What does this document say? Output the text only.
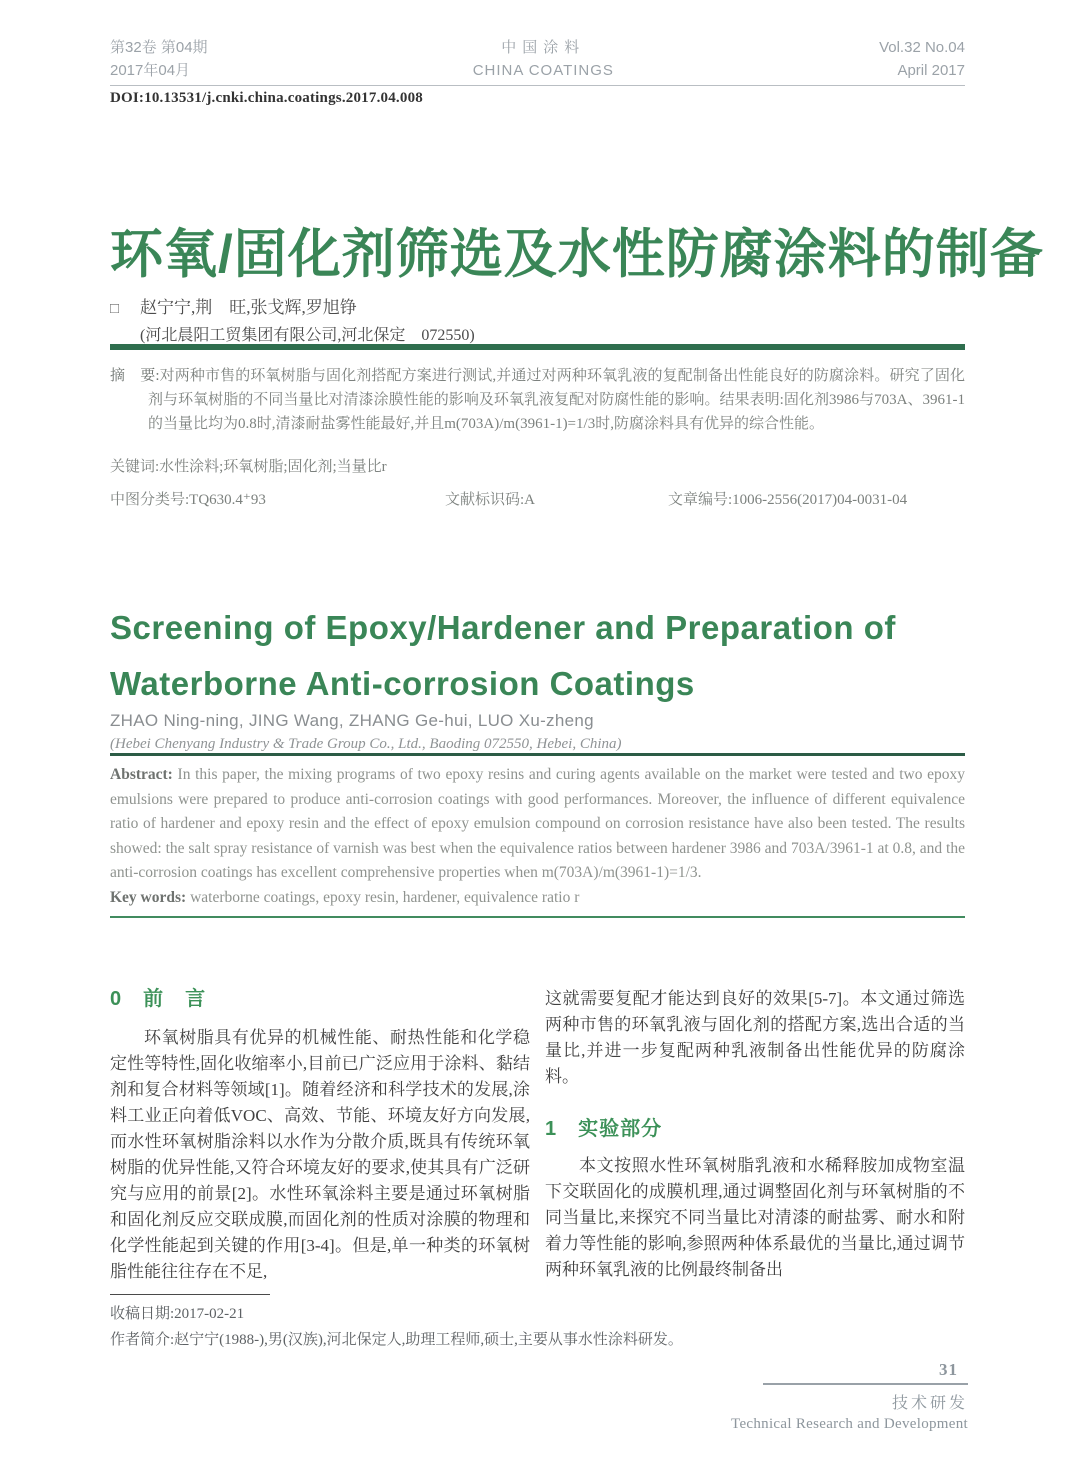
第32卷 第04期
2017年04月
中国涂料
CHINA COATINGS
Vol.32 No.04
April 2017
DOI:10.13531/j.cnki.china.coatings.2017.04.008
环氧/固化剂筛选及水性防腐涂料的制备
□ 赵宁宁,荆　旺,张戈辉,罗旭铮
(河北晨阳工贸集团有限公司,河北保定　072550)

摘　要:对两种市售的环氧树脂与固化剂搭配方案进行测试,并通过对两种环氧乳液的复配制备出性能良好的防腐涂料。研究了固化剂与环氧树脂的不同当量比对清漆涂膜性能的影响及环氧乳液复配对防腐性能的影响。结果表明:固化剂3986与703A、3961-1的当量比均为0.8时,清漆耐盐雾性能最好,并且m(703A)/m(3961-1)=1/3时,防腐涂料具有优异的综合性能。

关键词:水性涂料;环氧树脂;固化剂;当量比r

中图分类号:TQ630.4⁺93	文献标识码:A	文章编号:1006-2556(2017)04-0031-04
Screening of Epoxy/Hardener and Preparation of
Waterborne Anti-corrosion Coatings
ZHAO Ning-ning, JING Wang, ZHANG Ge-hui, LUO Xu-zheng
(Hebei Chenyang Industry & Trade Group Co., Ltd., Baoding 072550, Hebei, China)

Abstract: In this paper, the mixing programs of two epoxy resins and curing agents available on the market were tested and two epoxy emulsions were prepared to produce anti-corrosion coatings with good performances. Moreover, the influence of different equivalence ratio of hardener and epoxy resin and the effect of epoxy emulsion compound on corrosion resistance have also been tested. The results showed: the salt spray resistance of varnish was best when the equivalence ratios between hardener 3986 and 703A/3961-1 at 0.8, and the anti-corrosion coatings has excellent comprehensive properties when m(703A)/m(3961-1)=1/3.

Key words: waterborne coatings, epoxy resin, hardener, equivalence ratio r

0　前　言

环氧树脂具有优异的机械性能、耐热性能和化学稳定性等特性,固化收缩率小,目前已广泛应用于涂料、黏结剂和复合材料等领域[1]。随着经济和科学技术的发展,涂料工业正向着低VOC、高效、节能、环境友好方向发展,而水性环氧树脂涂料以水作为分散介质,既具有传统环氧树脂的优异性能,又符合环境友好的要求,使其具有广泛研究与应用的前景[2]。水性环氧涂料主要是通过环氧树脂和固化剂反应交联成膜,而固化剂的性质对涂膜的物理和化学性能起到关键的作用[3-4]。但是,单一种类的环氧树脂性能往往存在不足,

这就需要复配才能达到良好的效果[5-7]。本文通过筛选两种市售的环氧乳液与固化剂的搭配方案,选出合适的当量比,并进一步复配两种乳液制备出性能优异的防腐涂料。

1　实验部分

本文按照水性环氧树脂乳液和水稀释胺加成物室温下交联固化的成膜机理,通过调整固化剂与环氧树脂的不同当量比,来探究不同当量比对清漆的耐盐雾、耐水和附着力等性能的影响,参照两种体系最优的当量比,通过调节两种环氧乳液的比例最终制备出

收稿日期:2017-02-21
作者简介:赵宁宁(1988-),男(汉族),河北保定人,助理工程师,硕士,主要从事水性涂料研发。
31
技术研发
Technical Research and Development
